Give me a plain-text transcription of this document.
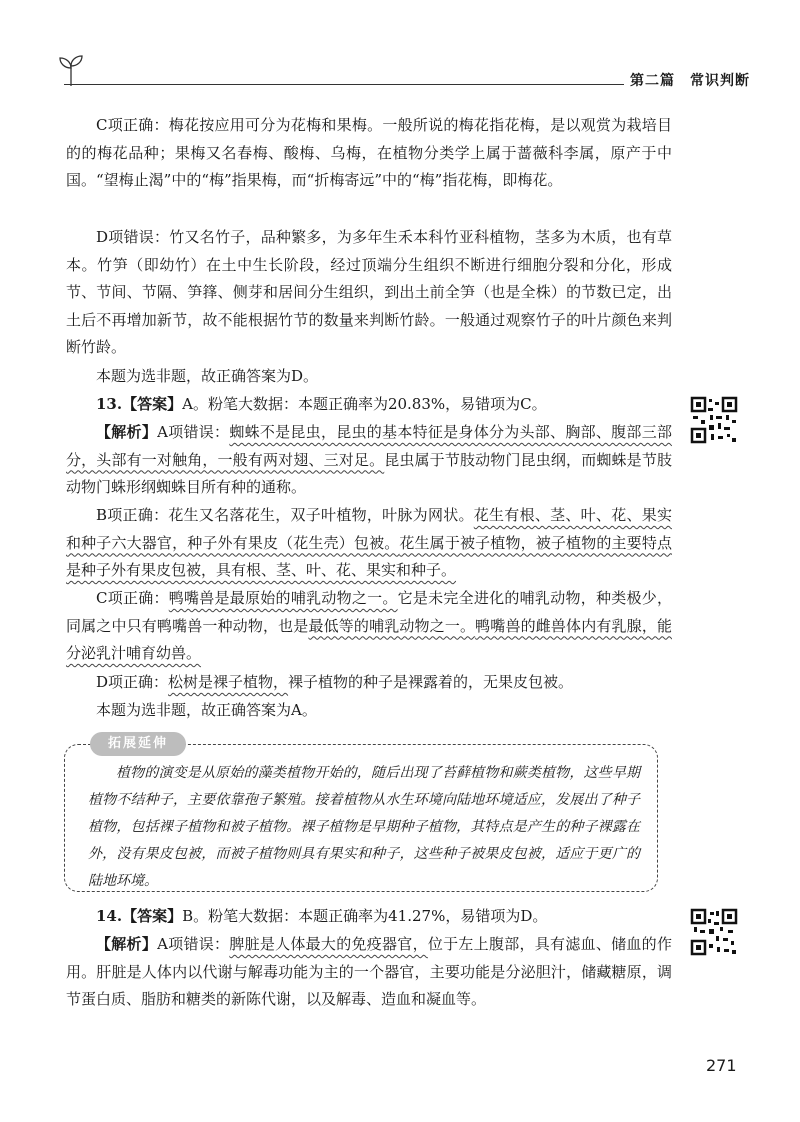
第二篇　常识判断

C项正确：梅花按应用可分为花梅和果梅。一般所说的梅花指花梅，是以观赏为栽培目的的梅花品种；果梅又名春梅、酸梅、乌梅，在植物分类学上属于蔷薇科李属，原产于中国。“望梅止渴”中的“梅”指果梅，而“折梅寄远”中的“梅”指花梅，即梅花。

D项错误：竹又名竹子，品种繁多，为多年生禾本科竹亚科植物，茎多为木质，也有草本。竹笋（即幼竹）在土中生长阶段，经过顶端分生组织不断进行细胞分裂和分化，形成节、节间、节隔、笋箨、侧芽和居间分生组织，到出土前全笋（也是全株）的节数已定，出土后不再增加新节，故不能根据竹节的数量来判断竹龄。一般通过观察竹子的叶片颜色来判断竹龄。

本题为选非题，故正确答案为D。

13.【答案】A。粉笔大数据：本题正确率为20.83%，易错项为C。

【解析】A项错误：蜘蛛不是昆虫，昆虫的基本特征是身体分为头部、胸部、腹部三部分，头部有一对触角，一般有两对翅、三对足。昆虫属于节肢动物门昆虫纲，而蜘蛛是节肢动物门蛛形纲蜘蛛目所有种的通称。

B项正确：花生又名落花生，双子叶植物，叶脉为网状。花生有根、茎、叶、花、果实和种子六大器官，种子外有果皮（花生壳）包被。花生属于被子植物，被子植物的主要特点是种子外有果皮包被，具有根、茎、叶、花、果实和种子。

C项正确：鸭嘴兽是最原始的哺乳动物之一。它是未完全进化的哺乳动物，种类极少，同属之中只有鸭嘴兽一种动物，也是最低等的哺乳动物之一。鸭嘴兽的雌兽体内有乳腺，能分泌乳汁哺育幼兽。

D项正确：松树是裸子植物，裸子植物的种子是裸露着的，无果皮包被。

本题为选非题，故正确答案为A。

拓展延伸

植物的演变是从原始的藻类植物开始的，随后出现了苔藓植物和蕨类植物，这些早期植物不结种子，主要依靠孢子繁殖。接着植物从水生环境向陆地环境适应，发展出了种子植物，包括裸子植物和被子植物。裸子植物是早期种子植物，其特点是产生的种子裸露在外，没有果皮包被，而被子植物则具有果实和种子，这些种子被果皮包被，适应于更广的陆地环境。

14.【答案】B。粉笔大数据：本题正确率为41.27%，易错项为D。

【解析】A项错误：脾脏是人体最大的免疫器官，位于左上腹部，具有滤血、储血的作用。肝脏是人体内以代谢与解毒功能为主的一个器官，主要功能是分泌胆汁，储藏糖原，调节蛋白质、脂肪和糖类的新陈代谢，以及解毒、造血和凝血等。

271
